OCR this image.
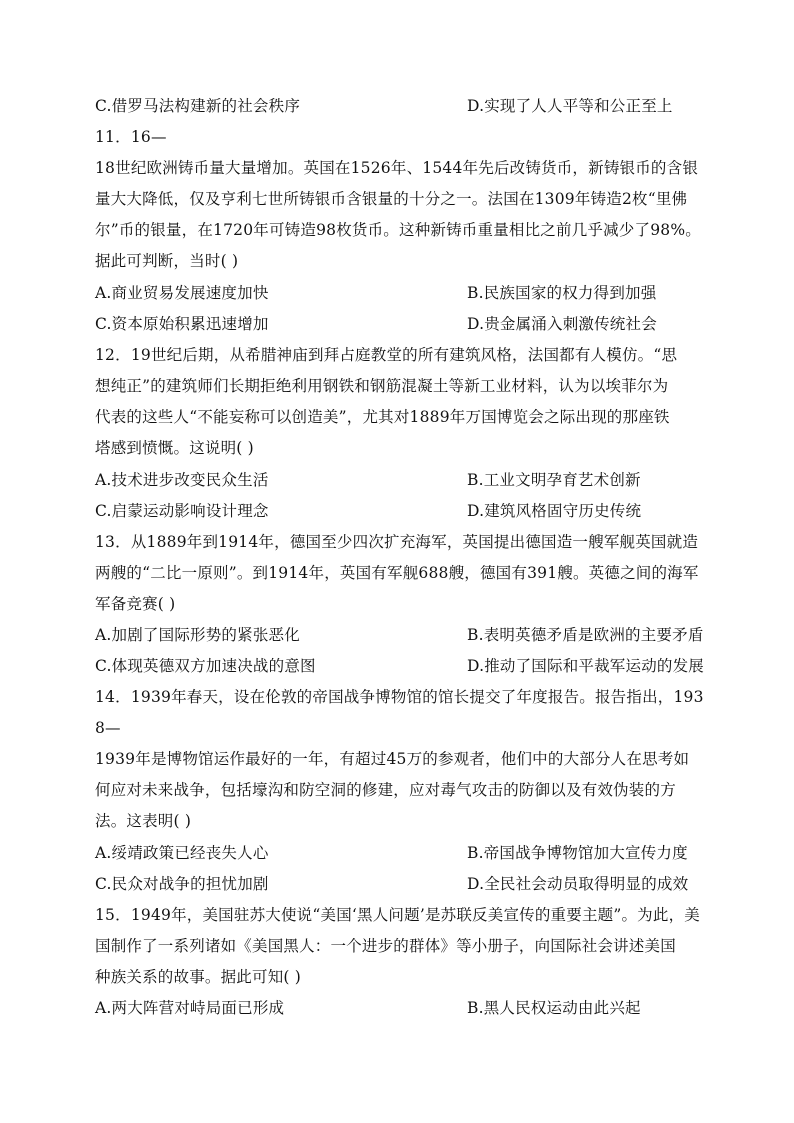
C.借罗马法构建新的社会秩序	D.实现了人人平等和公正至上
11．16—
18世纪欧洲铸币量大量增加。英国在1526年、1544年先后改铸货币，新铸银币的含银
量大大降低，仅及亨利七世所铸银币含银量的十分之一。法国在1309年铸造2枚“里佛
尔”币的银量，在1720年可铸造98枚货币。这种新铸币重量相比之前几乎减少了98%。
据此可判断，当时( )
A.商业贸易发展速度加快	B.民族国家的权力得到加强
C.资本原始积累迅速增加	D.贵金属涌入刺激传统社会
12．19世纪后期，从希腊神庙到拜占庭教堂的所有建筑风格，法国都有人模仿。“思
想纯正”的建筑师们长期拒绝利用钢铁和钢筋混凝土等新工业材料，认为以埃菲尔为
代表的这些人“不能妄称可以创造美”，尤其对1889年万国博览会之际出现的那座铁
塔感到愤慨。这说明( )
A.技术进步改变民众生活	B.工业文明孕育艺术创新
C.启蒙运动影响设计理念	D.建筑风格固守历史传统
13．从1889年到1914年，德国至少四次扩充海军，英国提出德国造一艘军舰英国就造
两艘的“二比一原则”。到1914年，英国有军舰688艘，德国有391艘。英德之间的海军
军备竞赛( )
A.加剧了国际形势的紧张恶化	B.表明英德矛盾是欧洲的主要矛盾
C.体现英德双方加速决战的意图	D.推动了国际和平裁军运动的发展
14．1939年春天，设在伦敦的帝国战争博物馆的馆长提交了年度报告。报告指出，193
8—
1939年是博物馆运作最好的一年，有超过45万的参观者，他们中的大部分人在思考如
何应对未来战争，包括壕沟和防空洞的修建，应对毒气攻击的防御以及有效伪装的方
法。这表明( )
A.绥靖政策已经丧失人心	B.帝国战争博物馆加大宣传力度
C.民众对战争的担忧加剧	D.全民社会动员取得明显的成效
15．1949年，美国驻苏大使说“美国‘黑人问题’是苏联反美宣传的重要主题”。为此，美
国制作了一系列诸如《美国黑人：一个进步的群体》等小册子，向国际社会讲述美国
种族关系的故事。据此可知( )
A.两大阵营对峙局面已形成	B.黑人民权运动由此兴起
